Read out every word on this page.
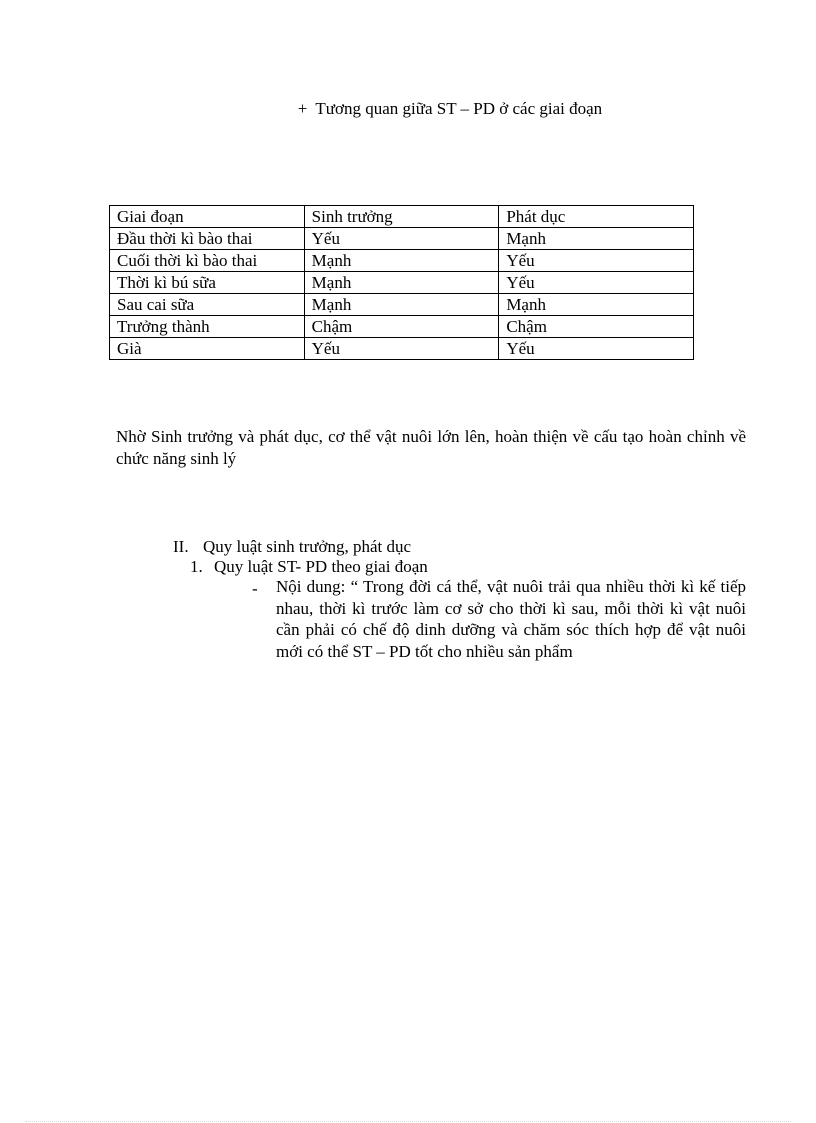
+ Tương quan giữa ST – PD ở các giai đoạn
Giai đoạn	Sinh trưởng	Phát dục
Đầu thời kì bào thai	Yếu	Mạnh
Cuối thời kì bào thai	Mạnh	Yếu
Thời kì bú sữa	Mạnh	Yếu
Sau cai sữa	Mạnh	Mạnh
Trưởng thành	Chậm	Chậm
Già	Yếu	Yếu

Nhờ Sinh trưởng và phát dục, cơ thể vật nuôi lớn lên, hoàn thiện về cấu tạo hoàn chỉnh về chức năng sinh lý

II. Quy luật sinh trưởng, phát dục
1. Quy luật ST- PD theo giai đoạn
- Nội dung: “ Trong đời cá thể, vật nuôi trải qua nhiều thời kì kế tiếp nhau, thời kì trước làm cơ sở cho thời kì sau, mỗi thời kì vật nuôi cần phải có chế độ dinh dưỡng và chăm sóc thích hợp để vật nuôi mới có thể ST – PD tốt cho nhiều sản phẩm
